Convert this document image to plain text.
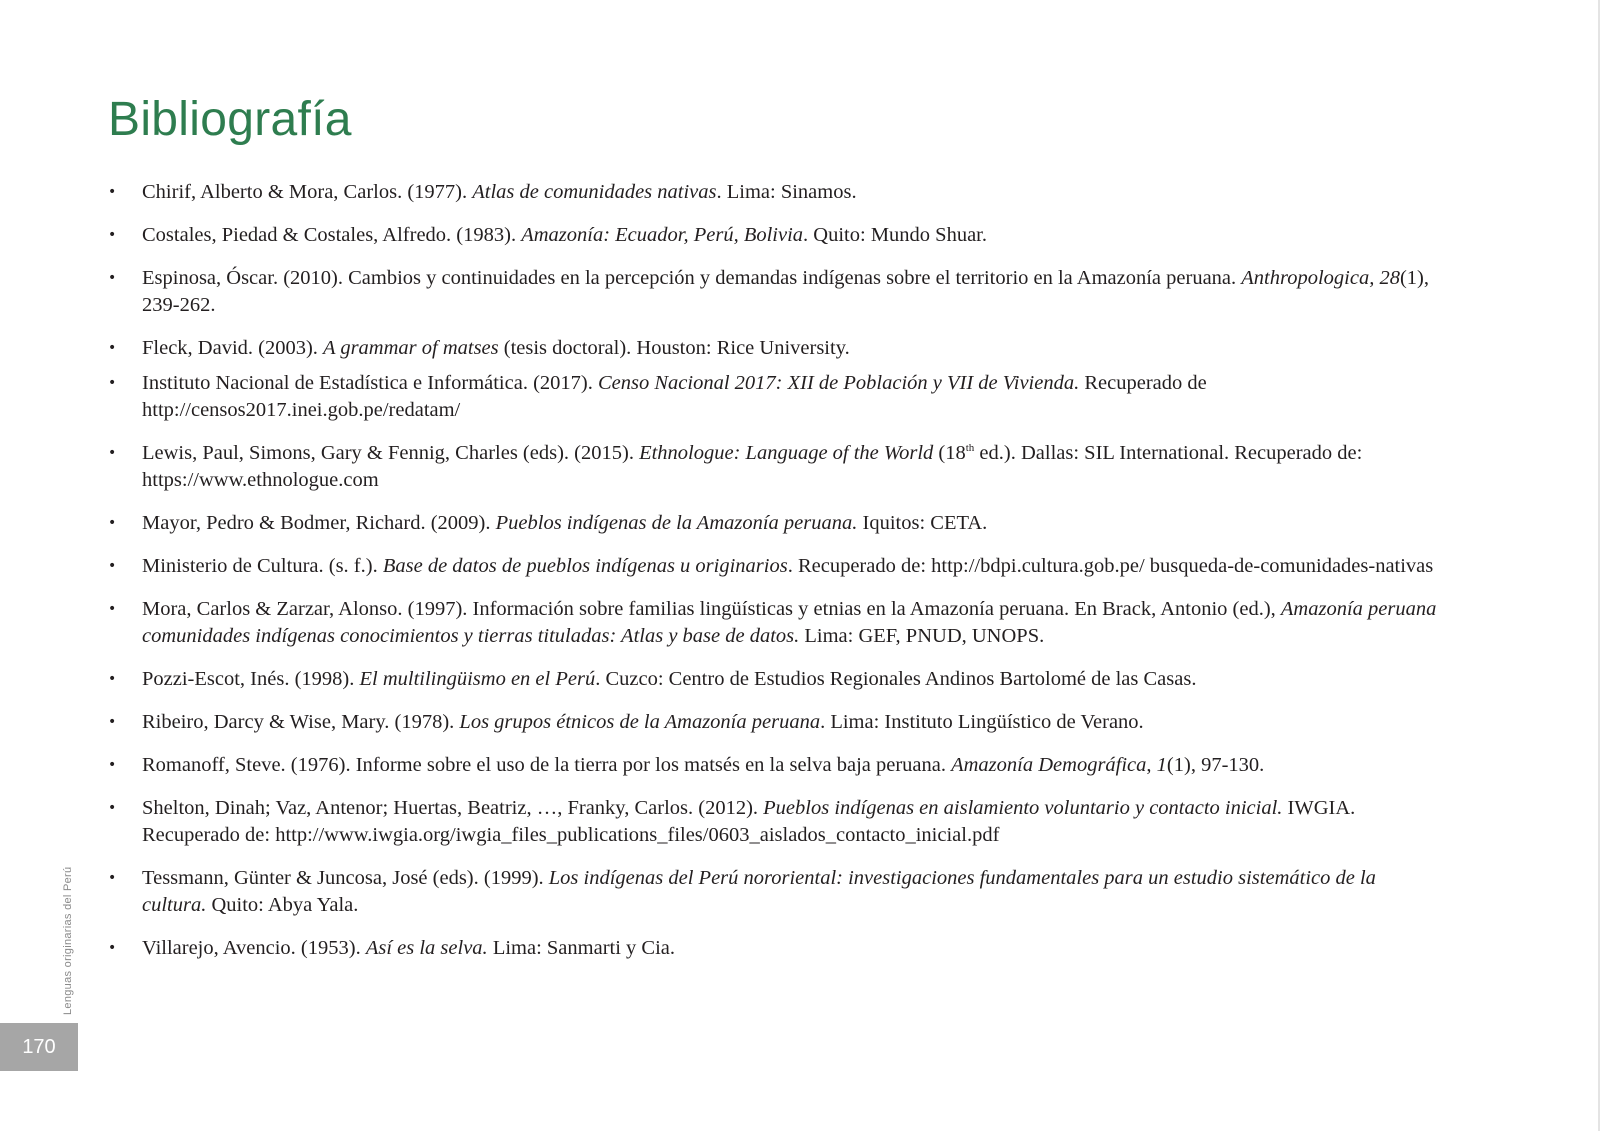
Bibliografía
• Chirif, Alberto & Mora, Carlos. (1977). Atlas de comunidades nativas. Lima: Sinamos.
• Costales, Piedad & Costales, Alfredo. (1983). Amazonía: Ecuador, Perú, Bolivia. Quito: Mundo Shuar.
• Espinosa, Óscar. (2010). Cambios y continuidades en la percepción y demandas indígenas sobre el territorio en la Amazonía peruana. Anthropologica, 28(1), 239-262.
• Fleck, David. (2003). A grammar of matses (tesis doctoral). Houston: Rice University.
• Instituto Nacional de Estadística e Informática. (2017). Censo Nacional 2017: XII de Población y VII de Vivienda. Recuperado de http://censos2017.inei.gob.pe/redatam/
• Lewis, Paul, Simons, Gary & Fennig, Charles (eds). (2015). Ethnologue: Language of the World (18th ed.). Dallas: SIL International. Recuperado de: https://www.ethnologue.com
• Mayor, Pedro & Bodmer, Richard. (2009). Pueblos indígenas de la Amazonía peruana. Iquitos: CETA.
• Ministerio de Cultura. (s. f.). Base de datos de pueblos indígenas u originarios. Recuperado de: http://bdpi.cultura.gob.pe/ busqueda-de-comunidades-nativas
• Mora, Carlos & Zarzar, Alonso. (1997). Información sobre familias lingüísticas y etnias en la Amazonía peruana. En Brack, Antonio (ed.), Amazonía peruana comunidades indígenas conocimientos y tierras tituladas: Atlas y base de datos. Lima: GEF, PNUD, UNOPS.
• Pozzi-Escot, Inés. (1998). El multilingüismo en el Perú. Cuzco: Centro de Estudios Regionales Andinos Bartolomé de las Casas.
• Ribeiro, Darcy & Wise, Mary. (1978). Los grupos étnicos de la Amazonía peruana. Lima: Instituto Lingüístico de Verano.
• Romanoff, Steve. (1976). Informe sobre el uso de la tierra por los matsés en la selva baja peruana. Amazonía Demográfica, 1(1), 97-130.
• Shelton, Dinah; Vaz, Antenor; Huertas, Beatriz, …, Franky, Carlos. (2012). Pueblos indígenas en aislamiento voluntario y contacto inicial. IWGIA. Recuperado de: http://www.iwgia.org/iwgia_files_publications_files/0603_aislados_contacto_inicial.pdf
• Tessmann, Günter & Juncosa, José (eds). (1999). Los indígenas del Perú nororiental: investigaciones fundamentales para un estudio sistemático de la cultura. Quito: Abya Yala.
• Villarejo, Avencio. (1953). Así es la selva. Lima: Sanmarti y Cia.
Lenguas originarias del Perú
170
